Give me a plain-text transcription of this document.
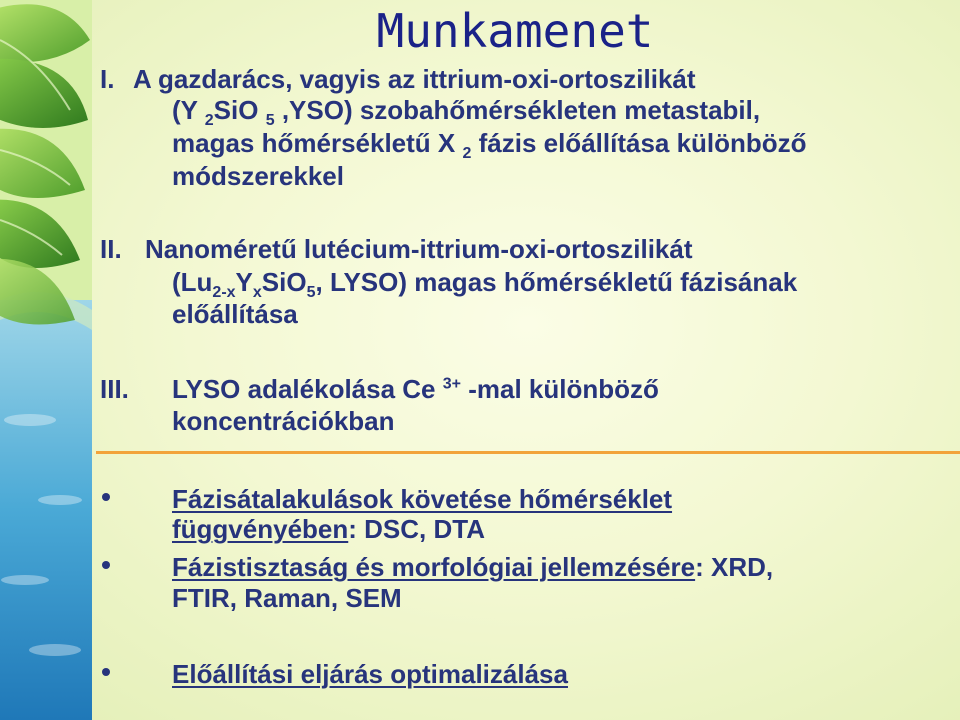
Munkamenet
I. A gazdarács, vagyis az ittrium-oxi-ortoszilikát
(Y $_2$SiO $_5$ ,YSO) szobahőmérsékleten metastabil,
magas hőmérsékletű X $_2$ fázis előállítása különböző
módszerekkel
II. Nanoméretű lutécium-ittrium-oxi-ortoszilikát
($Lu_{2-x}Y_xSiO_5$, LYSO) magas hőmérsékletű fázisának
előállítása
III. LYSO adalékolása Ce $^{3+}$ -mal különböző
koncentrációkban
Fázisátalakulások követése hőmérséklet
függvényében: DSC, DTA
Fázistisztaság és morfológiai jellemzésére: XRD,
FTIR, Raman, SEM
Előállítási eljárás optimalizálása
